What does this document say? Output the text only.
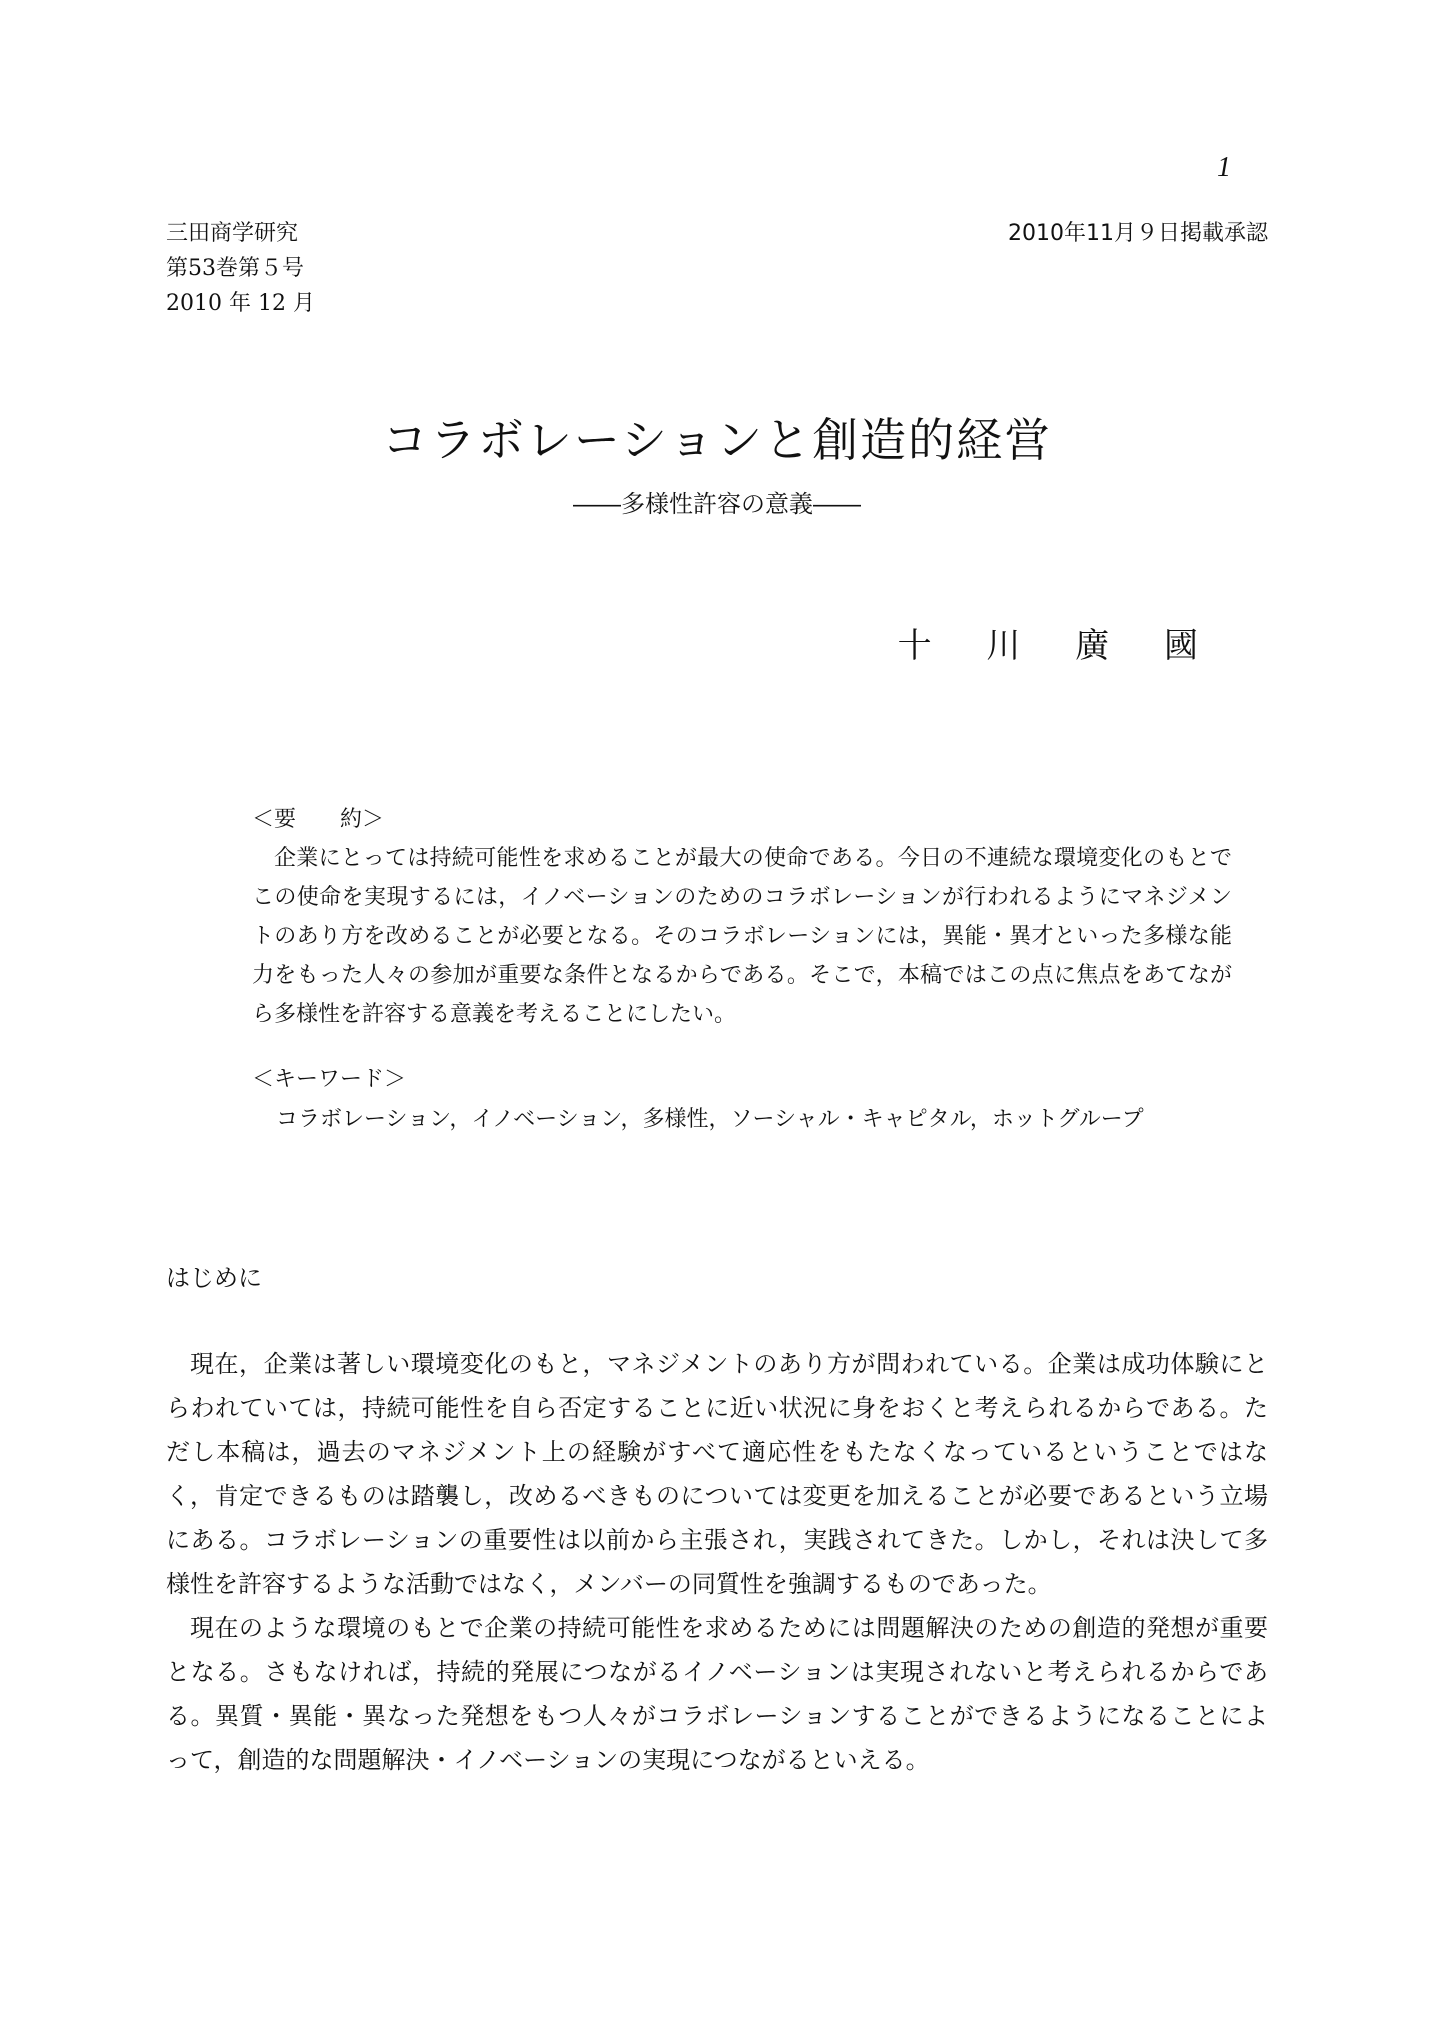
1
三田商学研究
第53巻第５号
2010 年 12 月
2010年11月９日掲載承認
コラボレーションと創造的経営
――多様性許容の意義――
十 川 廣 國
＜要　　約＞
企業にとっては持続可能性を求めることが最大の使命である。今日の不連続な環境変化のもとでこの使命を実現するには，イノベーションのためのコラボレーションが行われるようにマネジメントのあり方を改めることが必要となる。そのコラボレーションには，異能・異才といった多様な能力をもった人々の参加が重要な条件となるからである。そこで，本稿ではこの点に焦点をあてながら多様性を許容する意義を考えることにしたい。
＜キーワード＞
コラボレーション，イノベーション，多様性，ソーシャル・キャピタル，ホットグループ
はじめに

現在，企業は著しい環境変化のもと，マネジメントのあり方が問われている。企業は成功体験にとらわれていては，持続可能性を自ら否定することに近い状況に身をおくと考えられるからである。ただし本稿は，過去のマネジメント上の経験がすべて適応性をもたなくなっているということではなく，肯定できるものは踏襲し，改めるべきものについては変更を加えることが必要であるという立場にある。コラボレーションの重要性は以前から主張され，実践されてきた。しかし，それは決して多様性を許容するような活動ではなく，メンバーの同質性を強調するものであった。

現在のような環境のもとで企業の持続可能性を求めるためには問題解決のための創造的発想が重要となる。さもなければ，持続的発展につながるイノベーションは実現されないと考えられるからである。異質・異能・異なった発想をもつ人々がコラボレーションすることができるようになることによって，創造的な問題解決・イノベーションの実現につながるといえる。
